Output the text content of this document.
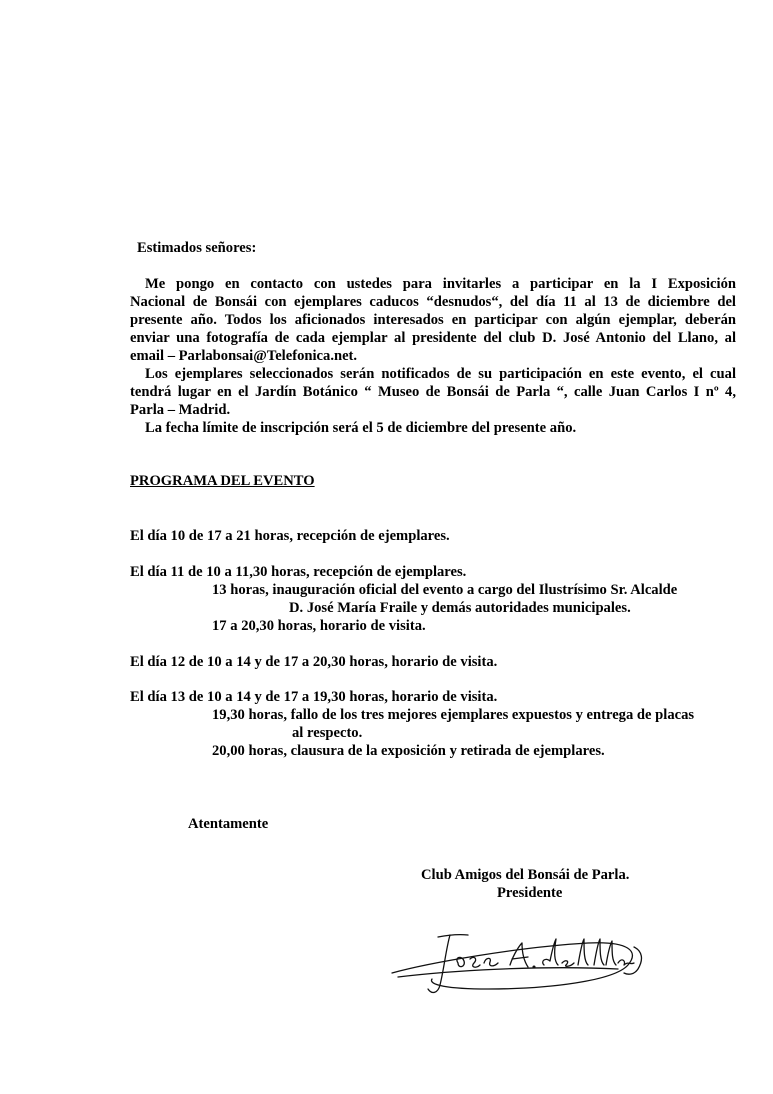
Estimados señores:
Me pongo en contacto con ustedes para invitarles a participar en la I Exposición
Nacional de Bonsái con ejemplares caducos “desnudos“, del día 11 al 13 de diciembre del
presente año. Todos los aficionados interesados en participar con algún ejemplar, deberán
enviar una fotografía de cada ejemplar al presidente del club D. José Antonio del Llano, al
email – Parlabonsai@Telefonica.net.
Los ejemplares seleccionados serán notificados de su participación en este evento, el cual
tendrá lugar en el Jardín Botánico “ Museo de Bonsái de Parla “, calle Juan Carlos I nº 4,
Parla – Madrid.
La fecha límite de inscripción será el 5 de diciembre del presente año.
PROGRAMA DEL EVENTO
El día 10 de 17 a 21 horas, recepción de ejemplares.
El día 11 de 10 a 11,30 horas, recepción de ejemplares.
13 horas, inauguración oficial del evento a cargo del Ilustrísimo Sr. Alcalde
D. José María Fraile y demás autoridades municipales.
17 a 20,30 horas, horario de visita.
El día 12 de 10 a 14 y de 17 a 20,30 horas, horario de visita.
El día 13 de 10 a 14 y de 17 a 19,30 horas, horario de visita.
19,30 horas, fallo de los tres mejores ejemplares expuestos y entrega de placas
al respecto.
20,00 horas, clausura de la exposición y retirada de ejemplares.
Atentamente
Club Amigos del Bonsái de Parla.
Presidente
